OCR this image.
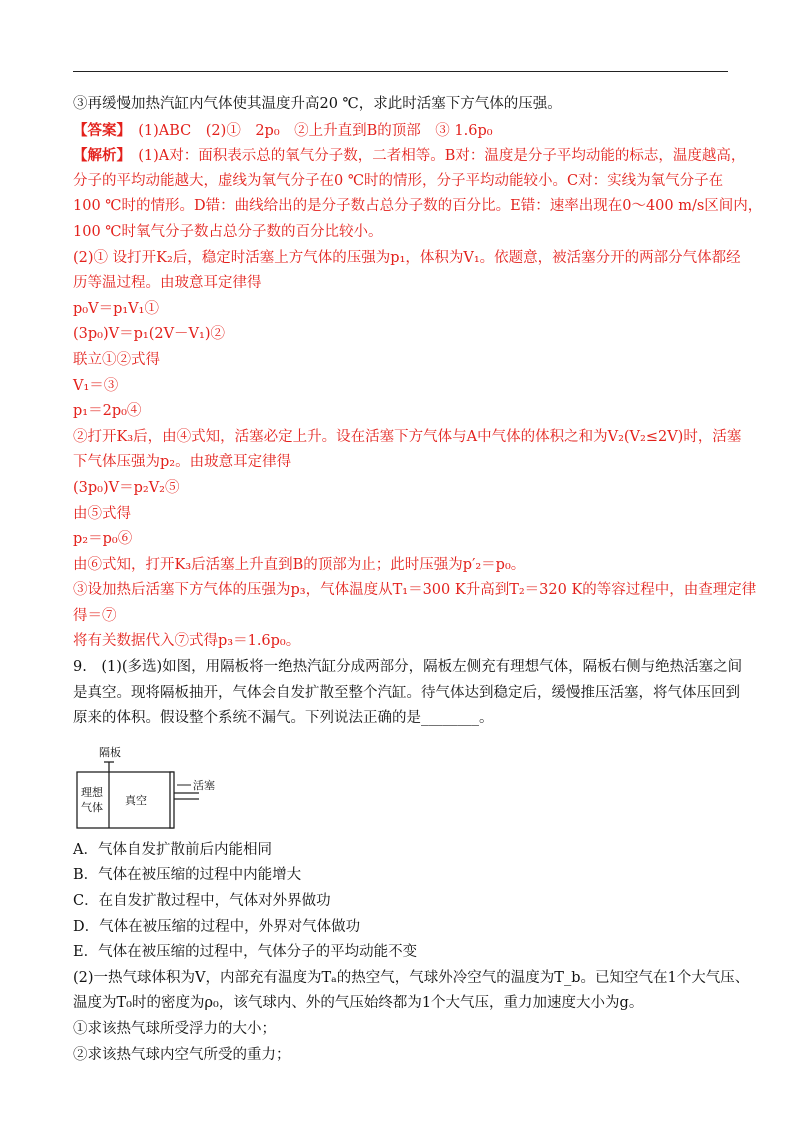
③再缓慢加热汽缸内气体使其温度升高20 ℃，求此时活塞下方气体的压强。
【答案】　(1)ABC　(2)①　2p₀　②上升直到B的顶部　③ 1.6p₀
【解析】　(1)A对：面积表示总的氧气分子数，二者相等。B对：温度是分子平均动能的标志，温度越高，
分子的平均动能越大，虚线为氧气分子在0 ℃时的情形，分子平均动能较小。C对：实线为氧气分子在
100 ℃时的情形。D错：曲线给出的是分子数占总分子数的百分比。E错：速率出现在0～400 m/s区间内，
100 ℃时氧气分子数占总分子数的百分比较小。
(2)① 设打开K₂后，稳定时活塞上方气体的压强为p₁，体积为V₁。依题意，被活塞分开的两部分气体都经
历等温过程。由玻意耳定律得
p₀V＝p₁V₁①
(3p₀)V＝p₁(2V－V₁)②
联立①②式得
V₁＝③
p₁＝2p₀④
②打开K₃后，由④式知，活塞必定上升。设在活塞下方气体与A中气体的体积之和为V₂(V₂≤2V)时，活塞
下气体压强为p₂。由玻意耳定律得
(3p₀)V＝p₂V₂⑤
由⑤式得
p₂＝p₀⑥
由⑥式知，打开K₃后活塞上升直到B的顶部为止；此时压强为p′₂＝p₀。
③设加热后活塞下方气体的压强为p₃，气体温度从T₁＝300 K升高到T₂＝320 K的等容过程中，由查理定律
得＝⑦
将有关数据代入⑦式得p₃＝1.6p₀。
9.　(1)(多选)如图，用隔板将一绝热汽缸分成两部分，隔板左侧充有理想气体，隔板右侧与绝热活塞之间
是真空。现将隔板抽开，气体会自发扩散至整个汽缸。待气体达到稳定后，缓慢推压活塞，将气体压回到
原来的体积。假设整个系统不漏气。下列说法正确的是________。
隔板
理想
气体
真空
活塞
A．气体自发扩散前后内能相同
B．气体在被压缩的过程中内能增大
C．在自发扩散过程中，气体对外界做功
D．气体在被压缩的过程中，外界对气体做功
E．气体在被压缩的过程中，气体分子的平均动能不变
(2)一热气球体积为V，内部充有温度为Tₐ的热空气，气球外冷空气的温度为T_b。已知空气在1个大气压、
温度为T₀时的密度为ρ₀，该气球内、外的气压始终都为1个大气压，重力加速度大小为g。
①求该热气球所受浮力的大小；
②求该热气球内空气所受的重力；
